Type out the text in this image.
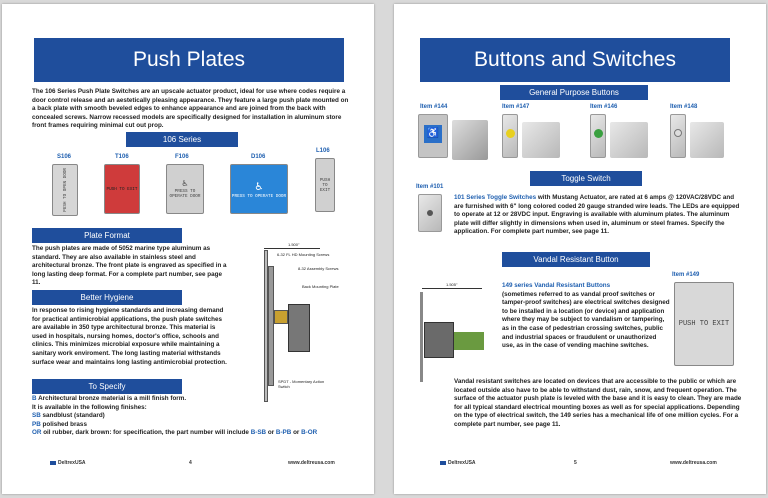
Push Plates
The 106 Series Push Plate Switches are an upscale actuator product, ideal for use where codes require a door control release and an aestetically pleasing appearance. They feature a large push plate mounted on a back plate with smooth beveled edges to enhance appearance and are joined from the back with concealed screws. Narrow recessed models are specifically designed for installation in aluminum store front frames requiring minimal cut out prop.
106 Series
S106
PUSH TO OPEN DOOR
T106
PUSH TO EXIT
F106
♿
PRESS TO OPERATE DOOR
D106
♿
PRESS TO OPERATE DOOR
L106
PUSH TO EXIT
Plate Format
The push plates are made of 5052 marine type aluminum as standard. They are also available in stainless steel and architectural bronze. The front plate is engraved as specified in a long lasting deep format. For a complete part number, see page 11.
Better Hygiene
In response to rising hygiene standards and increasing demand for practical antimicrobial applications, the push plate switches are available in 350 type architectural bronze. This material is used in hospitals, nursing homes, doctor's office, schools and clinics. This minimizes microbial exposure while maintaining a sanitary work enviroment. The long lasting material withstands surface wear and maintains long lasting antimicrobial protection.
To Specify
B Architectural bronze material is a mill finish form.
It is available in the following finishes:
SB sandblust (standard)
PB polished brass
OR oil rubber, dark brown: for specification, the part number will include B-SB or B-PB or B-OR
1.500"
6-32 FL HD Mounting Screws
8-32 Assembly Screws
Back Mounting Plate
SPDT - Momentary Action Switch
DeltrexUSA	4	www.deltreusa.com
Buttons and Switches
General Purpose Buttons
Item #144
♿
Item #147	Item #146	Item #148
Toggle Switch
Item #101
101 Series Toggle Switches with Mustang Actuator, are rated at 6 amps @ 120VAC/28VDC and are furnished with 6" long colored coded 20 gauge stranded wire leads. The LEDs are equipped to operate at 12 or 28VDC input. Engraving is available with aluminum plates. The aluminum plate will differ slightly in dimensions when used in, aluminum or steel frames. Specify the application. For complete part number, see page 11.
Vandal Resistant Button
Item #149
PUSH TO EXIT
1.505"	149 series Vandal Resistant Buttons
(sometimes referred to as vandal proof switches or tamper-proof switches) are electrical switches designed to be installed in a location (or device) and application where they may be subject to vandalism or tampering, as in the case of pedestrian crossing switches, public and industrial spaces or fraudulent or unauthorized use, as in the case of vending machine switches.
Vandal resistant switches are located on devices that are accessible to the public or which are located outside also have to be able to withstand dust, rain, snow, and frequent operation. The surface of the actuator push plate is leveled with the base and it is easy to clean. They are made for all typical standard electrical mounting boxes as well as for special applications. Depending on the type of electrical switch, the 149 series has a mechanical life of one million cycles. For a complete part number, see page 11.
DeltrexUSA	5	www.deltreusa.com
